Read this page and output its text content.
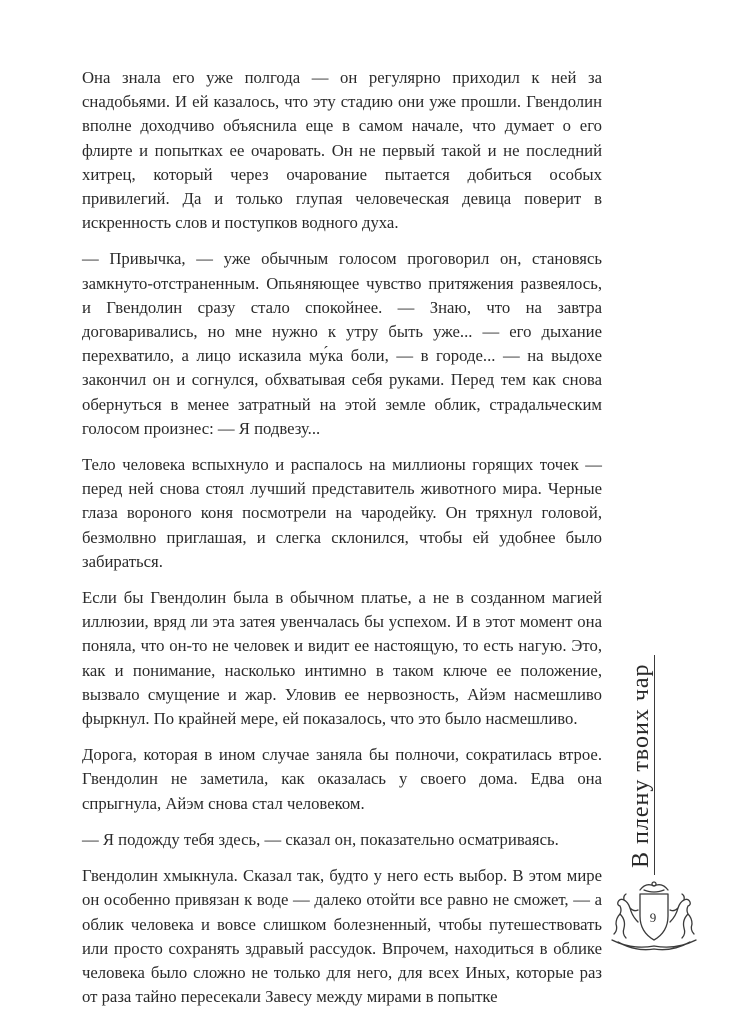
Она знала его уже полгода — он регулярно приходил к ней за снадобьями. И ей казалось, что эту стадию они уже прошли. Гвендолин вполне доходчиво объяснила еще в самом начале, что думает о его флирте и попытках ее очаровать. Он не первый такой и не последний хитрец, который через очарование пытается добиться особых привилегий. Да и только глупая человеческая девица поверит в искренность слов и поступков водного духа.

— Привычка, — уже обычным голосом проговорил он, становясь замкнуто-отстраненным. Опьяняющее чувство притяжения развеялось, и Гвендолин сразу стало спокойнее. — Знаю, что на завтра договаривались, но мне нужно к утру быть уже... — его дыхание перехватило, а лицо исказила му́ка боли, — в городе... — на выдохе закончил он и согнулся, обхватывая себя руками. Перед тем как снова обернуться в менее затратный на этой земле облик, страдальческим голосом произнес: — Я подвезу...

Тело человека вспыхнуло и распалось на миллионы горящих точек — перед ней снова стоял лучший представитель животного мира. Черные глаза вороного коня посмотрели на чародейку. Он тряхнул головой, безмолвно приглашая, и слегка склонился, чтобы ей удобнее было забираться.

Если бы Гвендолин была в обычном платье, а не в созданном магией иллюзии, вряд ли эта затея увенчалась бы успехом. И в этот момент она поняла, что он-то не человек и видит ее настоящую, то есть нагую. Это, как и понимание, насколько интимно в таком ключе ее положение, вызвало смущение и жар. Уловив ее нервозность, Айэм насмешливо фыркнул. По крайней мере, ей показалось, что это было насмешливо.

Дорога, которая в ином случае заняла бы полночи, сократилась втрое. Гвендолин не заметила, как оказалась у своего дома. Едва она спрыгнула, Айэм снова стал человеком.

— Я подожду тебя здесь, — сказал он, показательно осматриваясь.

Гвендолин хмыкнула. Сказал так, будто у него есть выбор. В этом мире он особенно привязан к воде — далеко отойти все равно не сможет, — а облик человека и вовсе слишком болезненный, чтобы путешествовать или просто сохранять здравый рассудок. Впрочем, находиться в облике человека было сложно не только для него, для всех Иных, которые раз от раза тайно пересекали Завесу между мирами в попытке

В плену твоих чар
9
